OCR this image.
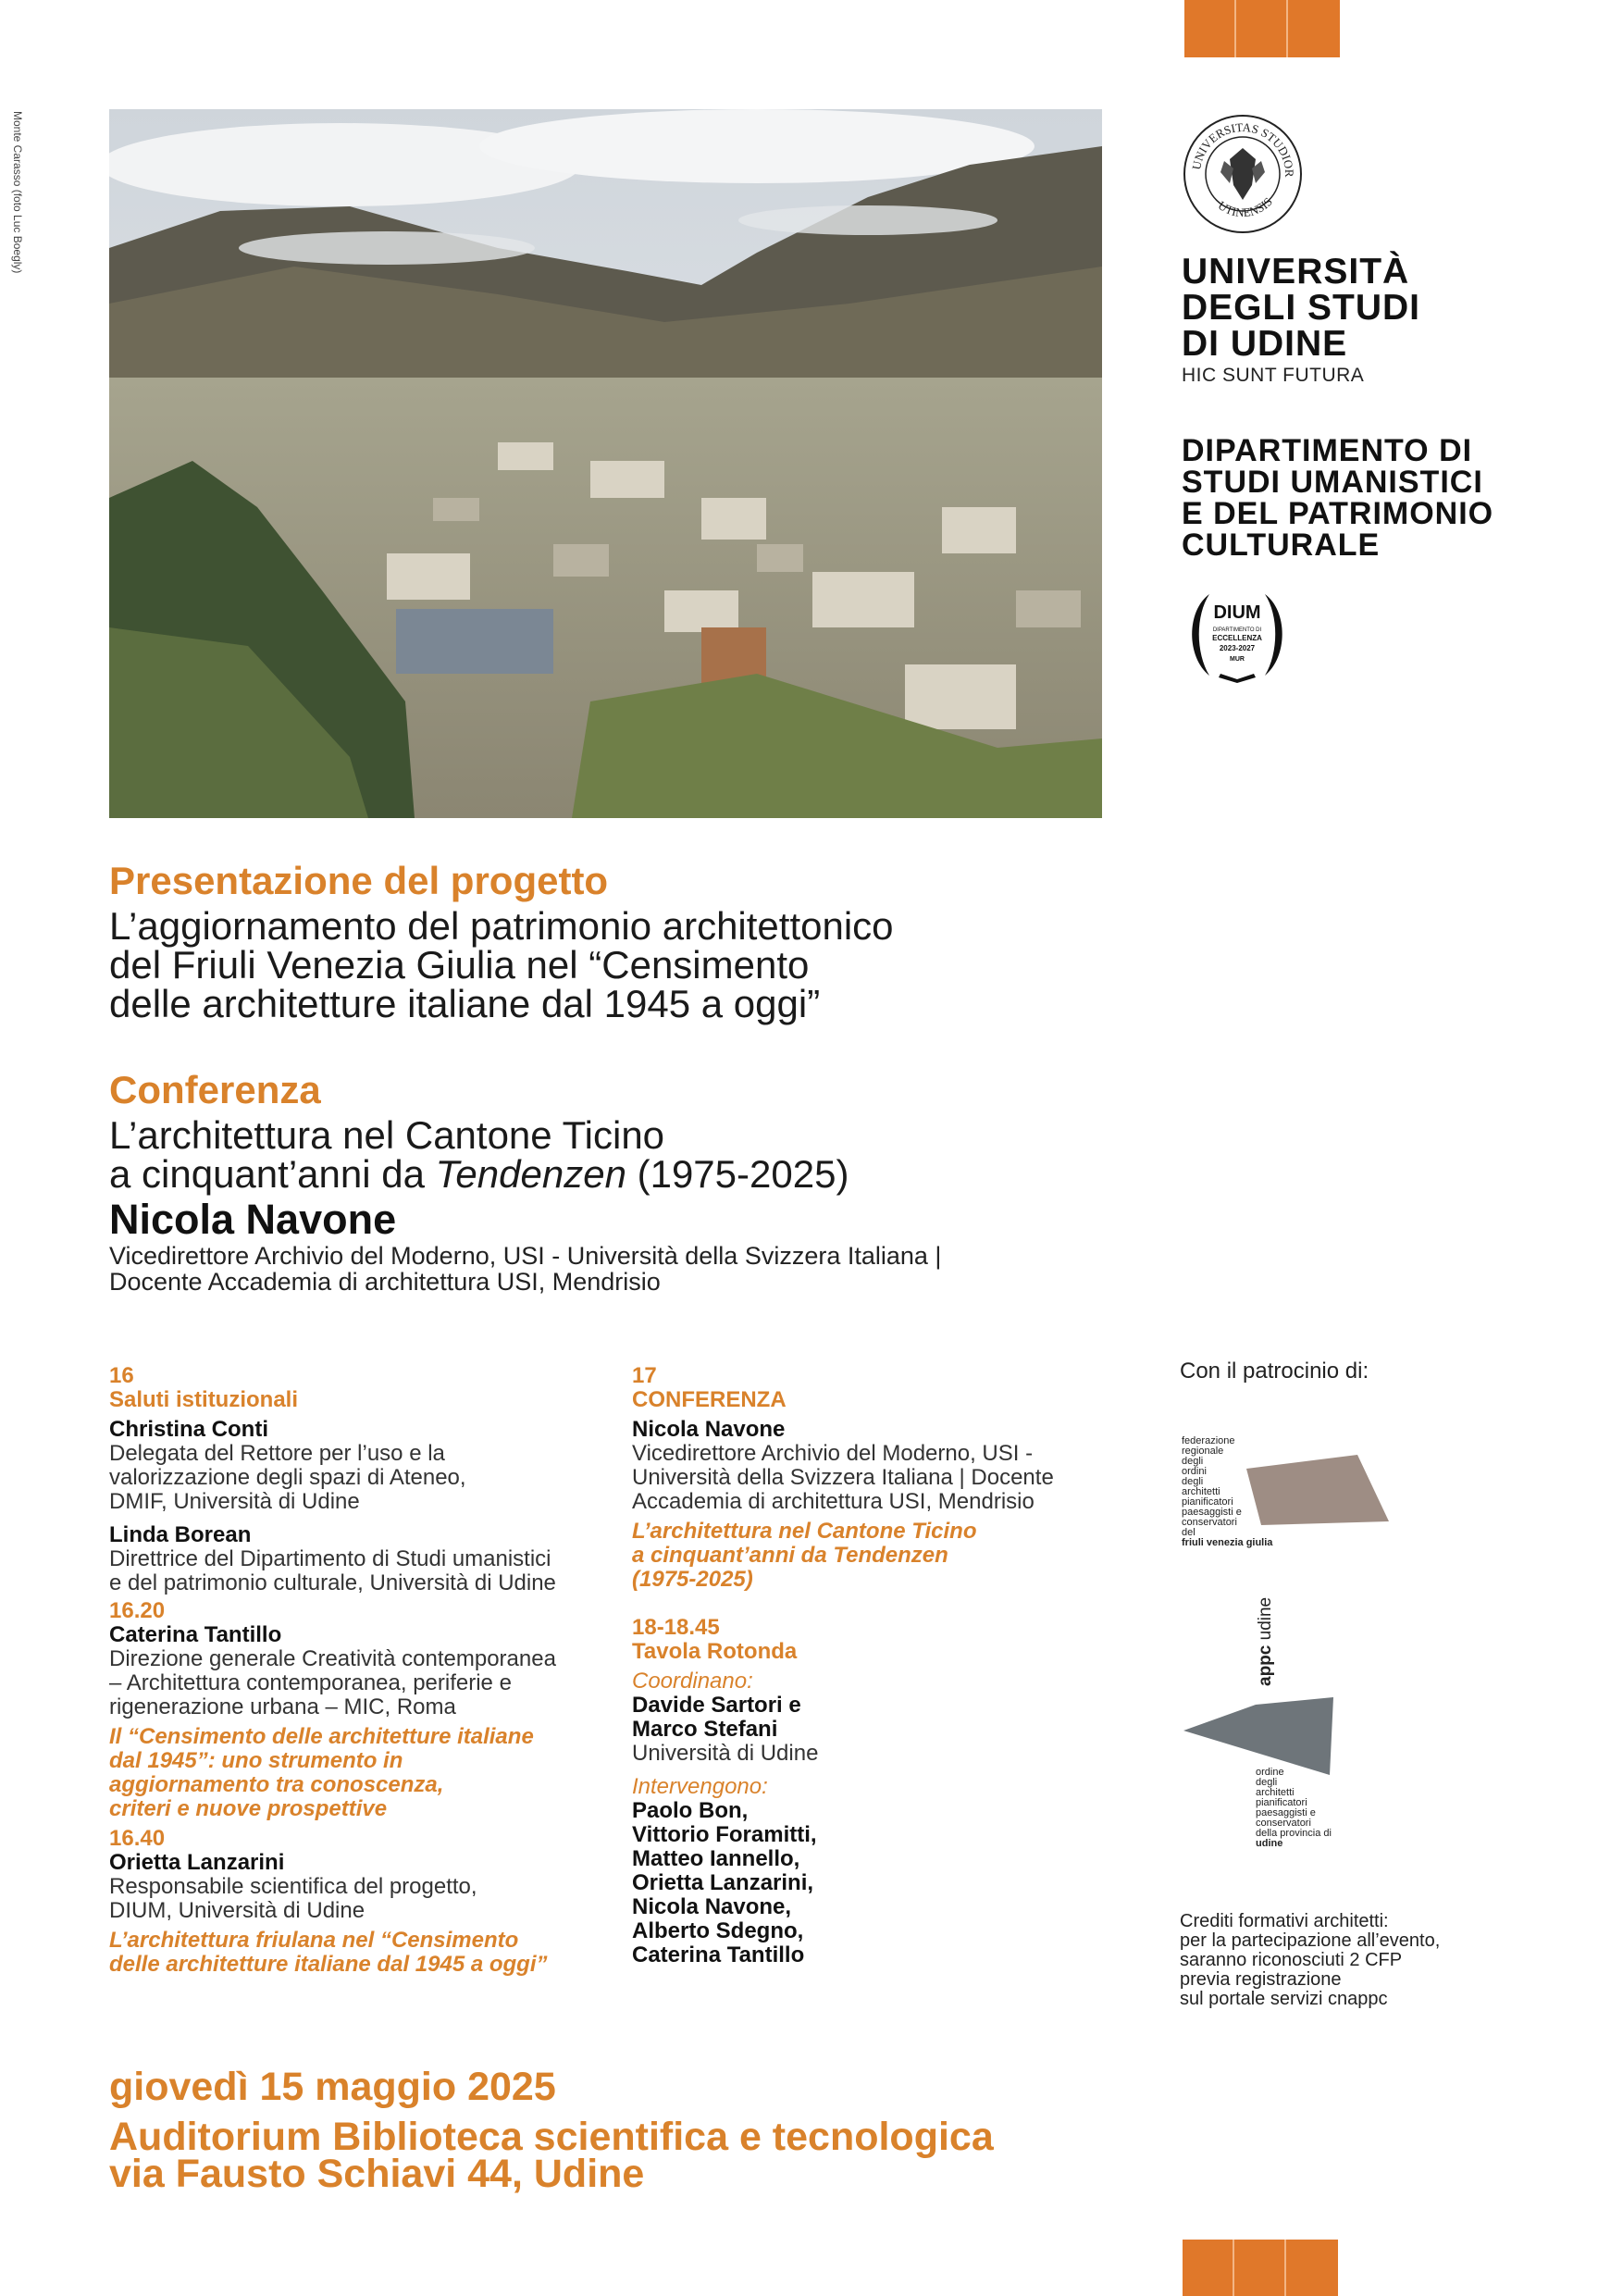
Monte Carasso (foto Luc Boegly)	UNIVERSITAS STUDIOR
UTINENSIS
UNIVERSITÀ
DEGLI STUDI
DI UDINE
HIC SUNT FUTURA
DIPARTIMENTO DI
STUDI UMANISTICI
E DEL PATRIMONIO
CULTURALE
DIUM
DIPARTIMENTO DI
ECCELLENZA
2023-2027
MUR
Presentazione del progetto
L’aggiornamento del patrimonio architettonico
del Friuli Venezia Giulia nel “Censimento
delle architetture italiane dal 1945 a oggi”
Conferenza
L’architettura nel Cantone Ticino
a cinquant’anni da Tendenzen (1975-2025)
Nicola Navone
Vicedirettore Archivio del Moderno, USI - Università della Svizzera Italiana |
Docente Accademia di architettura USI, Mendrisio

16

Saluti istituzionali

Christina Conti

Delegata del Rettore per l’uso e la

valorizzazione degli spazi di Ateneo,

DMIF, Università di Udine

Linda Borean

Direttrice del Dipartimento di Studi umanistici

e del patrimonio culturale, Università di Udine

16.20

Caterina Tantillo

Direzione generale Creatività contemporanea

– Architettura contemporanea, periferie e

rigenerazione urbana – MIC, Roma

Il “Censimento delle architetture italiane

dal 1945”: uno strumento in

aggiornamento tra conoscenza,

criteri e nuove prospettive

16.40

Orietta Lanzarini

Responsabile scientifica del progetto,

DIUM, Università di Udine

L’architettura friulana nel “Censimento

delle architetture italiane dal 1945 a oggi”

17

CONFERENZA

Nicola Navone

Vicedirettore Archivio del Moderno, USI -

Università della Svizzera Italiana | Docente

Accademia di architettura USI, Mendrisio

L’architettura nel Cantone Ticino

a cinquant’anni da Tendenzen

(1975-2025)

18-18.45

Tavola Rotonda

Coordinano:

Davide Sartori e

Marco Stefani

Università di Udine

Intervengono:

Paolo Bon,

Vittorio Foramitti,

Matteo Iannello,

Orietta Lanzarini,

Nicola Navone,

Alberto Sdegno,

Caterina Tantillo

Con il patrocinio di:
federazione
regionale
degli
ordini
degli
architetti
pianificatori
paesaggisti e
conservatori
del
friuli venezia giulia
appc udine
ordine
degli
architetti
pianificatori
paesaggisti e
conservatori
della provincia di
udine
Crediti formativi architetti:
per la partecipazione all’evento,
saranno riconosciuti 2 CFP
previa registrazione
sul portale servizi cnappc
giovedì 15 maggio 2025
Auditorium Biblioteca scientifica e tecnologica
via Fausto Schiavi 44, Udine
